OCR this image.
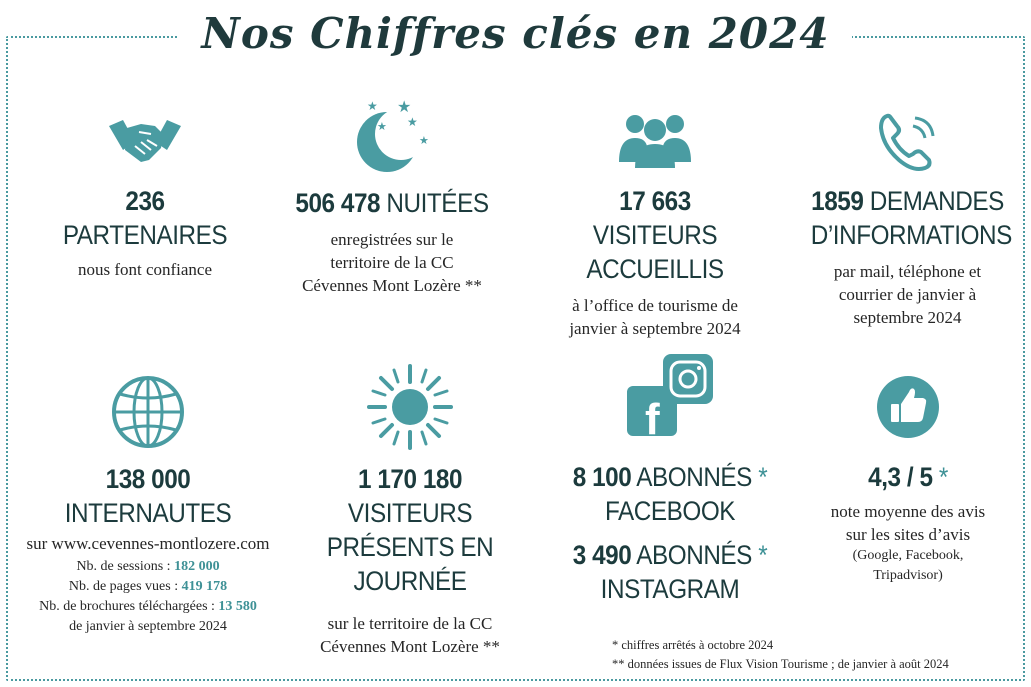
Nos Chiffres clés en 2024
236
PARTENAIRES
nous font confiance
★ ★
★ ★
★
506 478 NUITÉES
enregistrées sur le
territoire de la CC
Cévennes Mont Lozère **
17 663 VISITEURS
ACCUEILLIS
à l’office de tourisme de
janvier à septembre 2024
1859 DEMANDES
D’INFORMATIONS
par mail, téléphone et
courrier de janvier à
septembre 2024
138 000 INTERNAUTES
sur www.cevennes-montlozere.com
Nb. de sessions : 182 000
Nb. de pages vues : 419 178
Nb. de brochures téléchargées : 13 580
de janvier à septembre 2024
1 170 180 VISITEURS
PRÉSENTS EN JOURNÉE
sur le territoire de la CC
Cévennes Mont Lozère **
f
8 100 ABONNÉS *
FACEBOOK
3 490 ABONNÉS *
INSTAGRAM
4,3 / 5 *
note moyenne des avis
sur les sites d’avis
(Google, Facebook,
Tripadvisor)
* chiffres arrêtés à octobre 2024
** données issues de Flux Vision Tourisme ; de janvier à août 2024
